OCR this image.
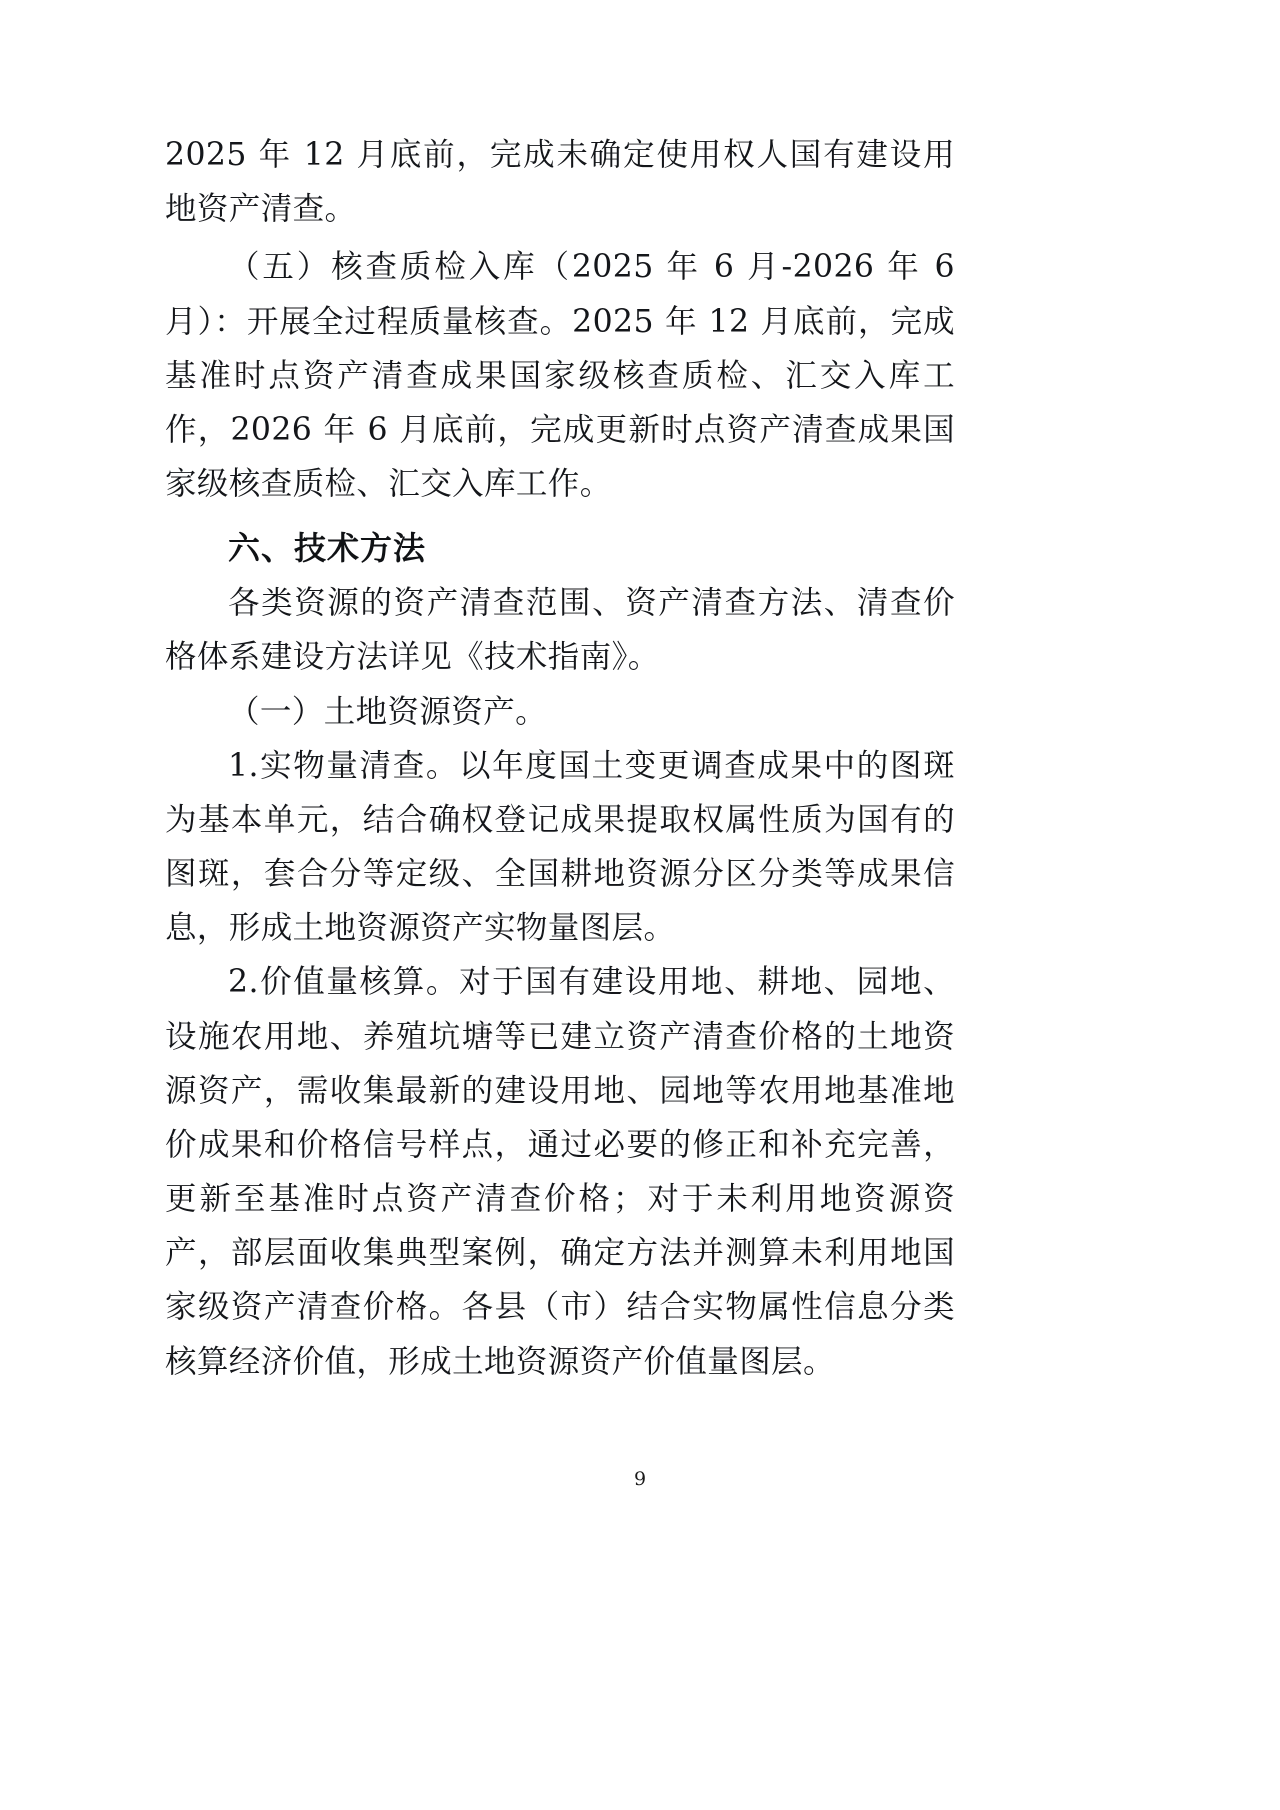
2025 年 12 月底前，完成未确定使用权人国有建设用地资产清查。

（五）核查质检入库（2025 年 6 月-2026 年 6 月）：开展全过程质量核查。2025 年 12 月底前，完成基准时点资产清查成果国家级核查质检、汇交入库工作，2026 年 6 月底前，完成更新时点资产清查成果国家级核查质检、汇交入库工作。

六、技术方法

各类资源的资产清查范围、资产清查方法、清查价格体系建设方法详见《技术指南》。

（一）土地资源资产。

1.实物量清查。以年度国土变更调查成果中的图斑为基本单元，结合确权登记成果提取权属性质为国有的图斑，套合分等定级、全国耕地资源分区分类等成果信息，形成土地资源资产实物量图层。

2.价值量核算。对于国有建设用地、耕地、园地、设施农用地、养殖坑塘等已建立资产清查价格的土地资源资产，需收集最新的建设用地、园地等农用地基准地价成果和价格信号样点，通过必要的修正和补充完善，更新至基准时点资产清查价格；对于未利用地资源资产，部层面收集典型案例，确定方法并测算未利用地国家级资产清查价格。各县（市）结合实物属性信息分类核算经济价值，形成土地资源资产价值量图层。

9
